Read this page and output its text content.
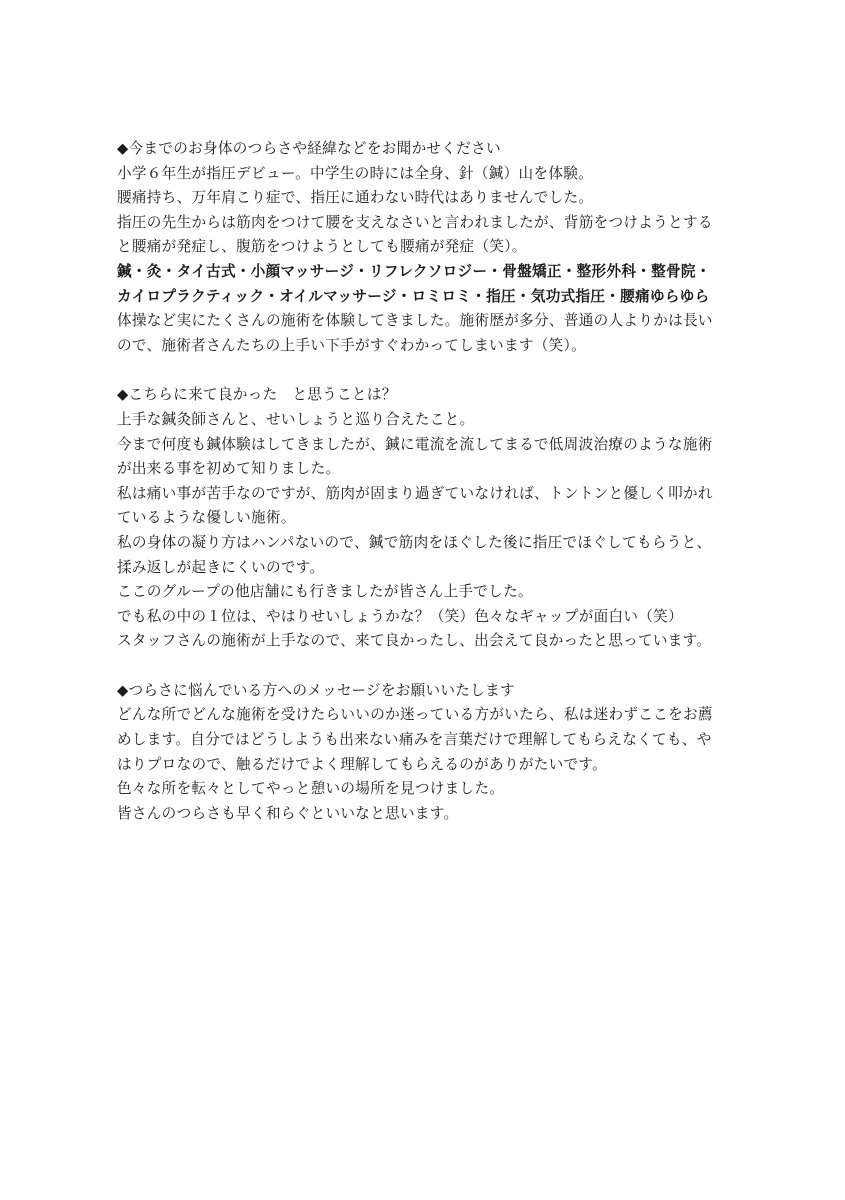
◆今までのお身体のつらさや経緯などをお聞かせください
小学６年生が指圧デビュー。中学生の時には全身、針（鍼）山を体験。
腰痛持ち、万年肩こり症で、指圧に通わない時代はありませんでした。
指圧の先生からは筋肉をつけて腰を支えなさいと言われましたが、背筋をつけようとする
と腰痛が発症し、腹筋をつけようとしても腰痛が発症（笑）。
鍼・灸・タイ古式・小顔マッサージ・リフレクソロジー・骨盤矯正・整形外科・整骨院・
カイロプラクティック・オイルマッサージ・ロミロミ・指圧・気功式指圧・腰痛ゆらゆら
体操など実にたくさんの施術を体験してきました。施術歴が多分、普通の人よりかは長い
ので、施術者さんたちの上手い下手がすぐわかってしまいます（笑）。
◆こちらに来て良かった　と思うことは？
上手な鍼灸師さんと、せいしょうと巡り合えたこと。
今まで何度も鍼体験はしてきましたが、鍼に電流を流してまるで低周波治療のような施術
が出来る事を初めて知りました。
私は痛い事が苦手なのですが、筋肉が固まり過ぎていなければ、トントンと優しく叩かれ
ているような優しい施術。
私の身体の凝り方はハンパないので、鍼で筋肉をほぐした後に指圧でほぐしてもらうと、
揉み返しが起きにくいのです。
ここのグループの他店舗にも行きましたが皆さん上手でした。
でも私の中の１位は、やはりせいしょうかな？（笑）色々なギャップが面白い（笑）
スタッフさんの施術が上手なので、来て良かったし、出会えて良かったと思っています。
◆つらさに悩んでいる方へのメッセージをお願いいたします
どんな所でどんな施術を受けたらいいのか迷っている方がいたら、私は迷わずここをお薦
めします。自分ではどうしようも出来ない痛みを言葉だけで理解してもらえなくても、や
はりプロなので、触るだけでよく理解してもらえるのがありがたいです。
色々な所を転々としてやっと憩いの場所を見つけました。
皆さんのつらさも早く和らぐといいなと思います。
